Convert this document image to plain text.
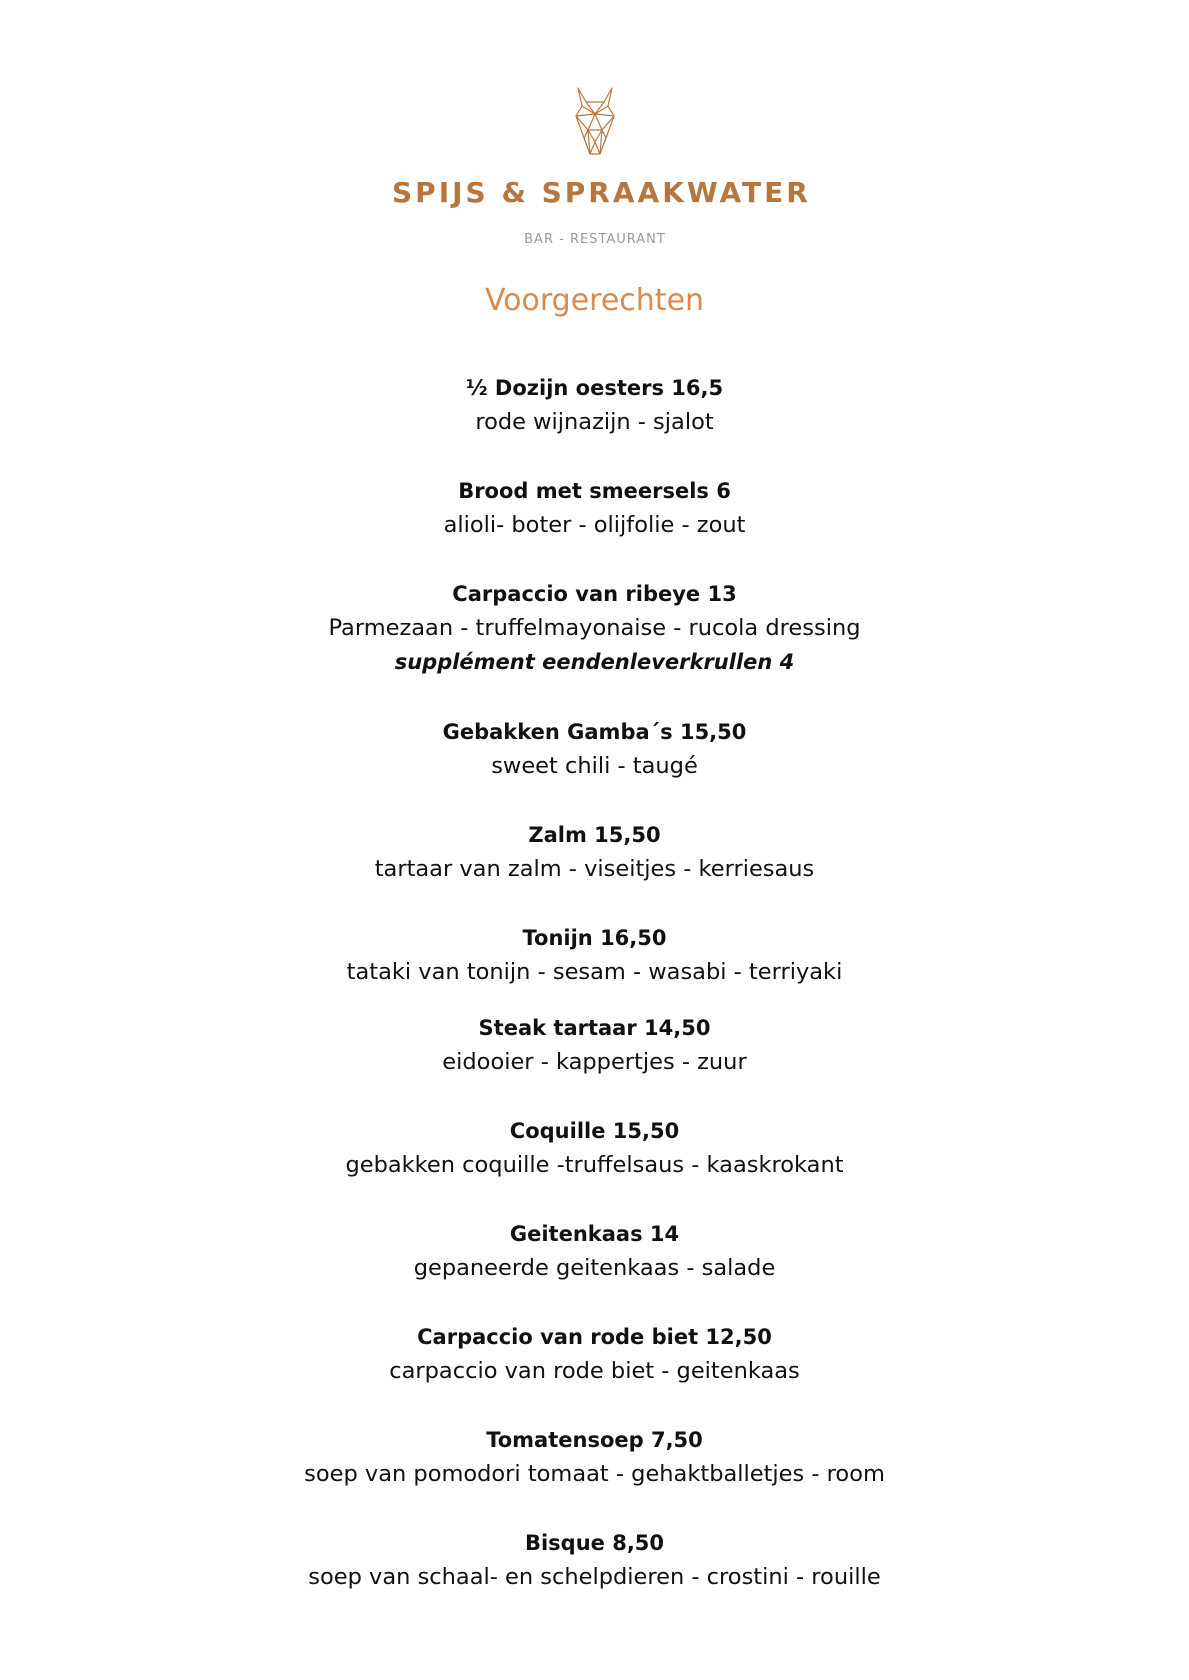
SPIJS & SPRAAKWATER
BAR - RESTAURANT
Voorgerechten
½ Dozijn oesters 16,5
rode wijnazijn - sjalot
Brood met smeersels 6
alioli- boter - olijfolie - zout
Carpaccio van ribeye 13
Parmezaan - truffelmayonaise - rucola dressing
supplément eendenleverkrullen 4
Gebakken Gamba´s 15,50
sweet chili - taugé
Zalm 15,50
tartaar van zalm - viseitjes - kerriesaus
Tonijn 16,50
tataki van tonijn - sesam - wasabi - terriyaki
Steak tartaar 14,50
eidooier - kappertjes - zuur
Coquille 15,50
gebakken coquille -truffelsaus - kaaskrokant
Geitenkaas 14
gepaneerde geitenkaas - salade
Carpaccio van rode biet 12,50
carpaccio van rode biet - geitenkaas
Tomatensoep 7,50
soep van pomodori tomaat - gehaktballetjes - room
Bisque 8,50
soep van schaal- en schelpdieren - crostini - rouille
